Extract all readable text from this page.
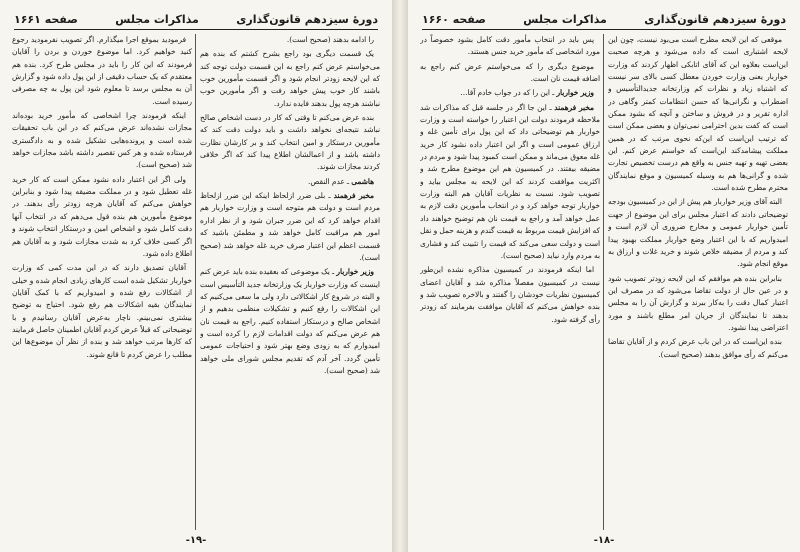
دورهٔ سیزدهم قانون‌گذاری
مذاکرات مجلس
صفحه ۱۶۶۱

را ادامه بدهند (صحیح است).

یک قسمت دیگری بود راجع بشرح کشتم که بنده هم می‌خواستم عرض کنم راجع به این قسمت دولت توجه کند که این لایحه زودتر انجام شود و اگر قسمت مأمورین خوب باشند کار خوب پیش خواهد رفت و اگر مأمورین خوب نباشند هرچه پول بدهند فایده ندارد.

بنده عرض می‌کنم تا وقتی که کار در دست اشخاص صالح نباشد نتیجه‌ای نخواهد داشت و باید دولت دقت کند که مأمورین درستکار و امین انتخاب کند و بر کارشان نظارت داشته باشد و از اعمالشان اطلاع پیدا کند که اگر خلافی کردند مجازات شوند.

هاشمی ـ عدم النقص.

مخبر فرهمند ـ بلی ضرر ازلحاظ اینکه این ضرر ازلحاظ مردم است و دولت هم متوجه است و وزارت خواربار هم اقدام خواهد کرد که این ضرر جبران شود و از نظر اداره امور هم مراقبت کامل خواهد شد و مطمئن باشید که قسمت اعظم این اعتبار صرف خرید غله خواهد شد (صحیح است).

وزیر خواربار ـ یک موضوعی که بعقیده بنده باید عرض کنم اینست که وزارت خواربار یک وزارتخانه جدید التأسیس است و البته در شروع کار اشکالاتی دارد ولی ما سعی می‌کنیم که این اشکالات را رفع کنیم و تشکیلات منظمی بدهیم و از اشخاص صالح و درستکار استفاده کنیم. راجع به قیمت نان هم عرض می‌کنم که دولت اقدامات لازم را کرده است و امیدوارم که به زودی وضع بهتر شود و احتیاجات عمومی تأمین گردد. آخر آدم که تقدیم مجلس شورای ملی خواهد شد (صحیح است).

فرمودید بموقع اجرا میگذارم. اگر تصویب نفرمودید رجوع کنید خواهیم کرد. اما موضوع خوردن و بردن را آقایان فرمودند که این کار را باید در مجلس طرح کرد. بنده هم معتقدم که یک حساب دقیقی از این پول داده شود و گزارش آن به مجلس برسد تا معلوم شود این پول به چه مصرفی رسیده است.

اینکه فرمودند چرا اشخاصی که مأمور خرید بوده‌اند مجازات نشده‌اند عرض می‌کنم که در این باب تحقیقات شده است و پرونده‌هایی تشکیل شده و به دادگستری فرستاده شده و هر کس تقصیر داشته باشد مجازات خواهد شد (صحیح است).

ولی اگر این اعتبار داده نشود ممکن است که کار خرید غله تعطیل شود و در مملکت مضیقه پیدا شود و بنابراین خواهش می‌کنم که آقایان هرچه زودتر رأی بدهند. در موضوع مأمورین هم بنده قول می‌دهم که در انتخاب آنها دقت کامل شود و اشخاص امین و درستکار انتخاب شوند و اگر کسی خلاف کرد به شدت مجازات شود و به آقایان هم اطلاع داده شود.

آقایان تصدیق دارند که در این مدت کمی که وزارت خواربار تشکیل شده است کارهای زیادی انجام شده و خیلی از اشکالات رفع شده و امیدواریم که با کمک آقایان نمایندگان بقیه اشکالات هم رفع شود. احتیاج به توضیح بیشتری نمی‌بینم. ناچار به‌عرض آقایان رسانیدم و با توضیحاتی که قبلاً عرض کردم آقایان اطمینان حاصل فرمایند که کارها مرتب خواهد شد و بنده از نظر آن موضوع‌ها این مطلب را عرض کردم تا قانع شوند.

-۱۹-
دورهٔ سیزدهم قانون‌گذاری
مذاکرات مجلس
صفحه ۱۶۶۰

موقعی که این لایحه مطرح است می‌بود نیست، چون این لایحه اشتباری است که داده می‌شود و هرچه صحبت این‌است بعلاوه این که آقای اتابکی اظهار کردند که وزارت خواربار یعنی وزارت خوردن معطل کسی بالای سر نیست که اشتباه زیاد و نظرات کم وزارتخانه جدیدالتأسیس و اضطراب و نگرانی‌ها که حسن انتظامات کمتر و‌گاهی در اداره تقریر و در فروش و ساختن و آنچه که بشود ممکن است که کفت بدین احترامی نمی‌توان و بعضی ممکن است که ترتیب این‌است که این‌که نحوی مرتب که در همین مملکت پیشامدکند این‌است که خواستم عرض کنم. این بعضی تهیه و تهیه جنس به واقع هم درست تخصیص تجارت شده و گرانی‌ها هم به وسیله کمیسیون و موقع نمایندگان محترم مطرح شده است.

البته آقای وزیر خواربار هم پیش از این در کمیسیون بودجه توضیحاتی دادند که اعتبار مجلس برای این موضوع از جهت تأمین خواربار عمومی و مخارج ضروری آن لازم است و امیدواریم که با این اعتبار وضع خواربار مملکت بهبود پیدا کند و مردم از مضیقه خلاص شوند و خرید غلات و ارزاق به موقع انجام شود.

بنابراین بنده هم موافقم که این لایحه زودتر تصویب شود و در عین حال از دولت تقاضا می‌شود که در مصرف این اعتبار کمال دقت را به‌کار ببرند و گزارش آن را به مجلس بدهند تا نمایندگان از جریان امر مطلع باشند و مورد اعتراضی پیدا نشود.

بنده این‌است که در این باب عرض کردم و از آقایان تقاضا می‌کنم که رأی موافق بدهند (صحیح است).

پس باید در انتخاب مأمور دقت کامل بشود خصوصاً در مورد اشخاصی که مأمور خرید جنس هستند.

موضوع دیگری را که می‌خواستم عرض کنم راجع به اضافه قیمت نان است.

وزیر خواربار ـ این را که در جواب خادم آقا...

مخبر فرهمند ـ این جا اگر در جلسه قبل که مذاکرات شد ملاحظه فرمودند دولت این اعتبار را خواسته است و وزارت خواربار هم توضیحاتی داد که این پول برای تأمین غله و ارزاق عمومی است و اگر این اعتبار داده نشود کار خرید غله معوق می‌ماند و ممکن است کمبود پیدا شود و مردم در مضیقه بیفتند. در کمیسیون هم این موضوع مطرح شد و اکثریت موافقت کردند که این لایحه به مجلس بیاید و تصویب شود. نسبت به نظریات آقایان هم البته وزارت خواربار توجه خواهد کرد و در انتخاب مأمورین دقت لازم به عمل خواهد آمد و راجع به قیمت نان هم توضیح خواهند داد که افزایش قیمت مربوط به قیمت گندم و هزینه حمل و نقل است و دولت سعی می‌کند که قیمت را تثبیت کند و فشاری به مردم وارد نیاید (صحیح است).

اما اینکه فرمودند در کمیسیون مذاکره نشده این‌طور نیست در کمیسیون مفصلاً مذاکره شد و آقایان اعضای کمیسیون نظریات خودشان را گفتند و بالاخره تصویب شد و بنده خواهش می‌کنم که آقایان موافقت بفرمایند که زودتر رأی گرفته شود.

-۱۸-
